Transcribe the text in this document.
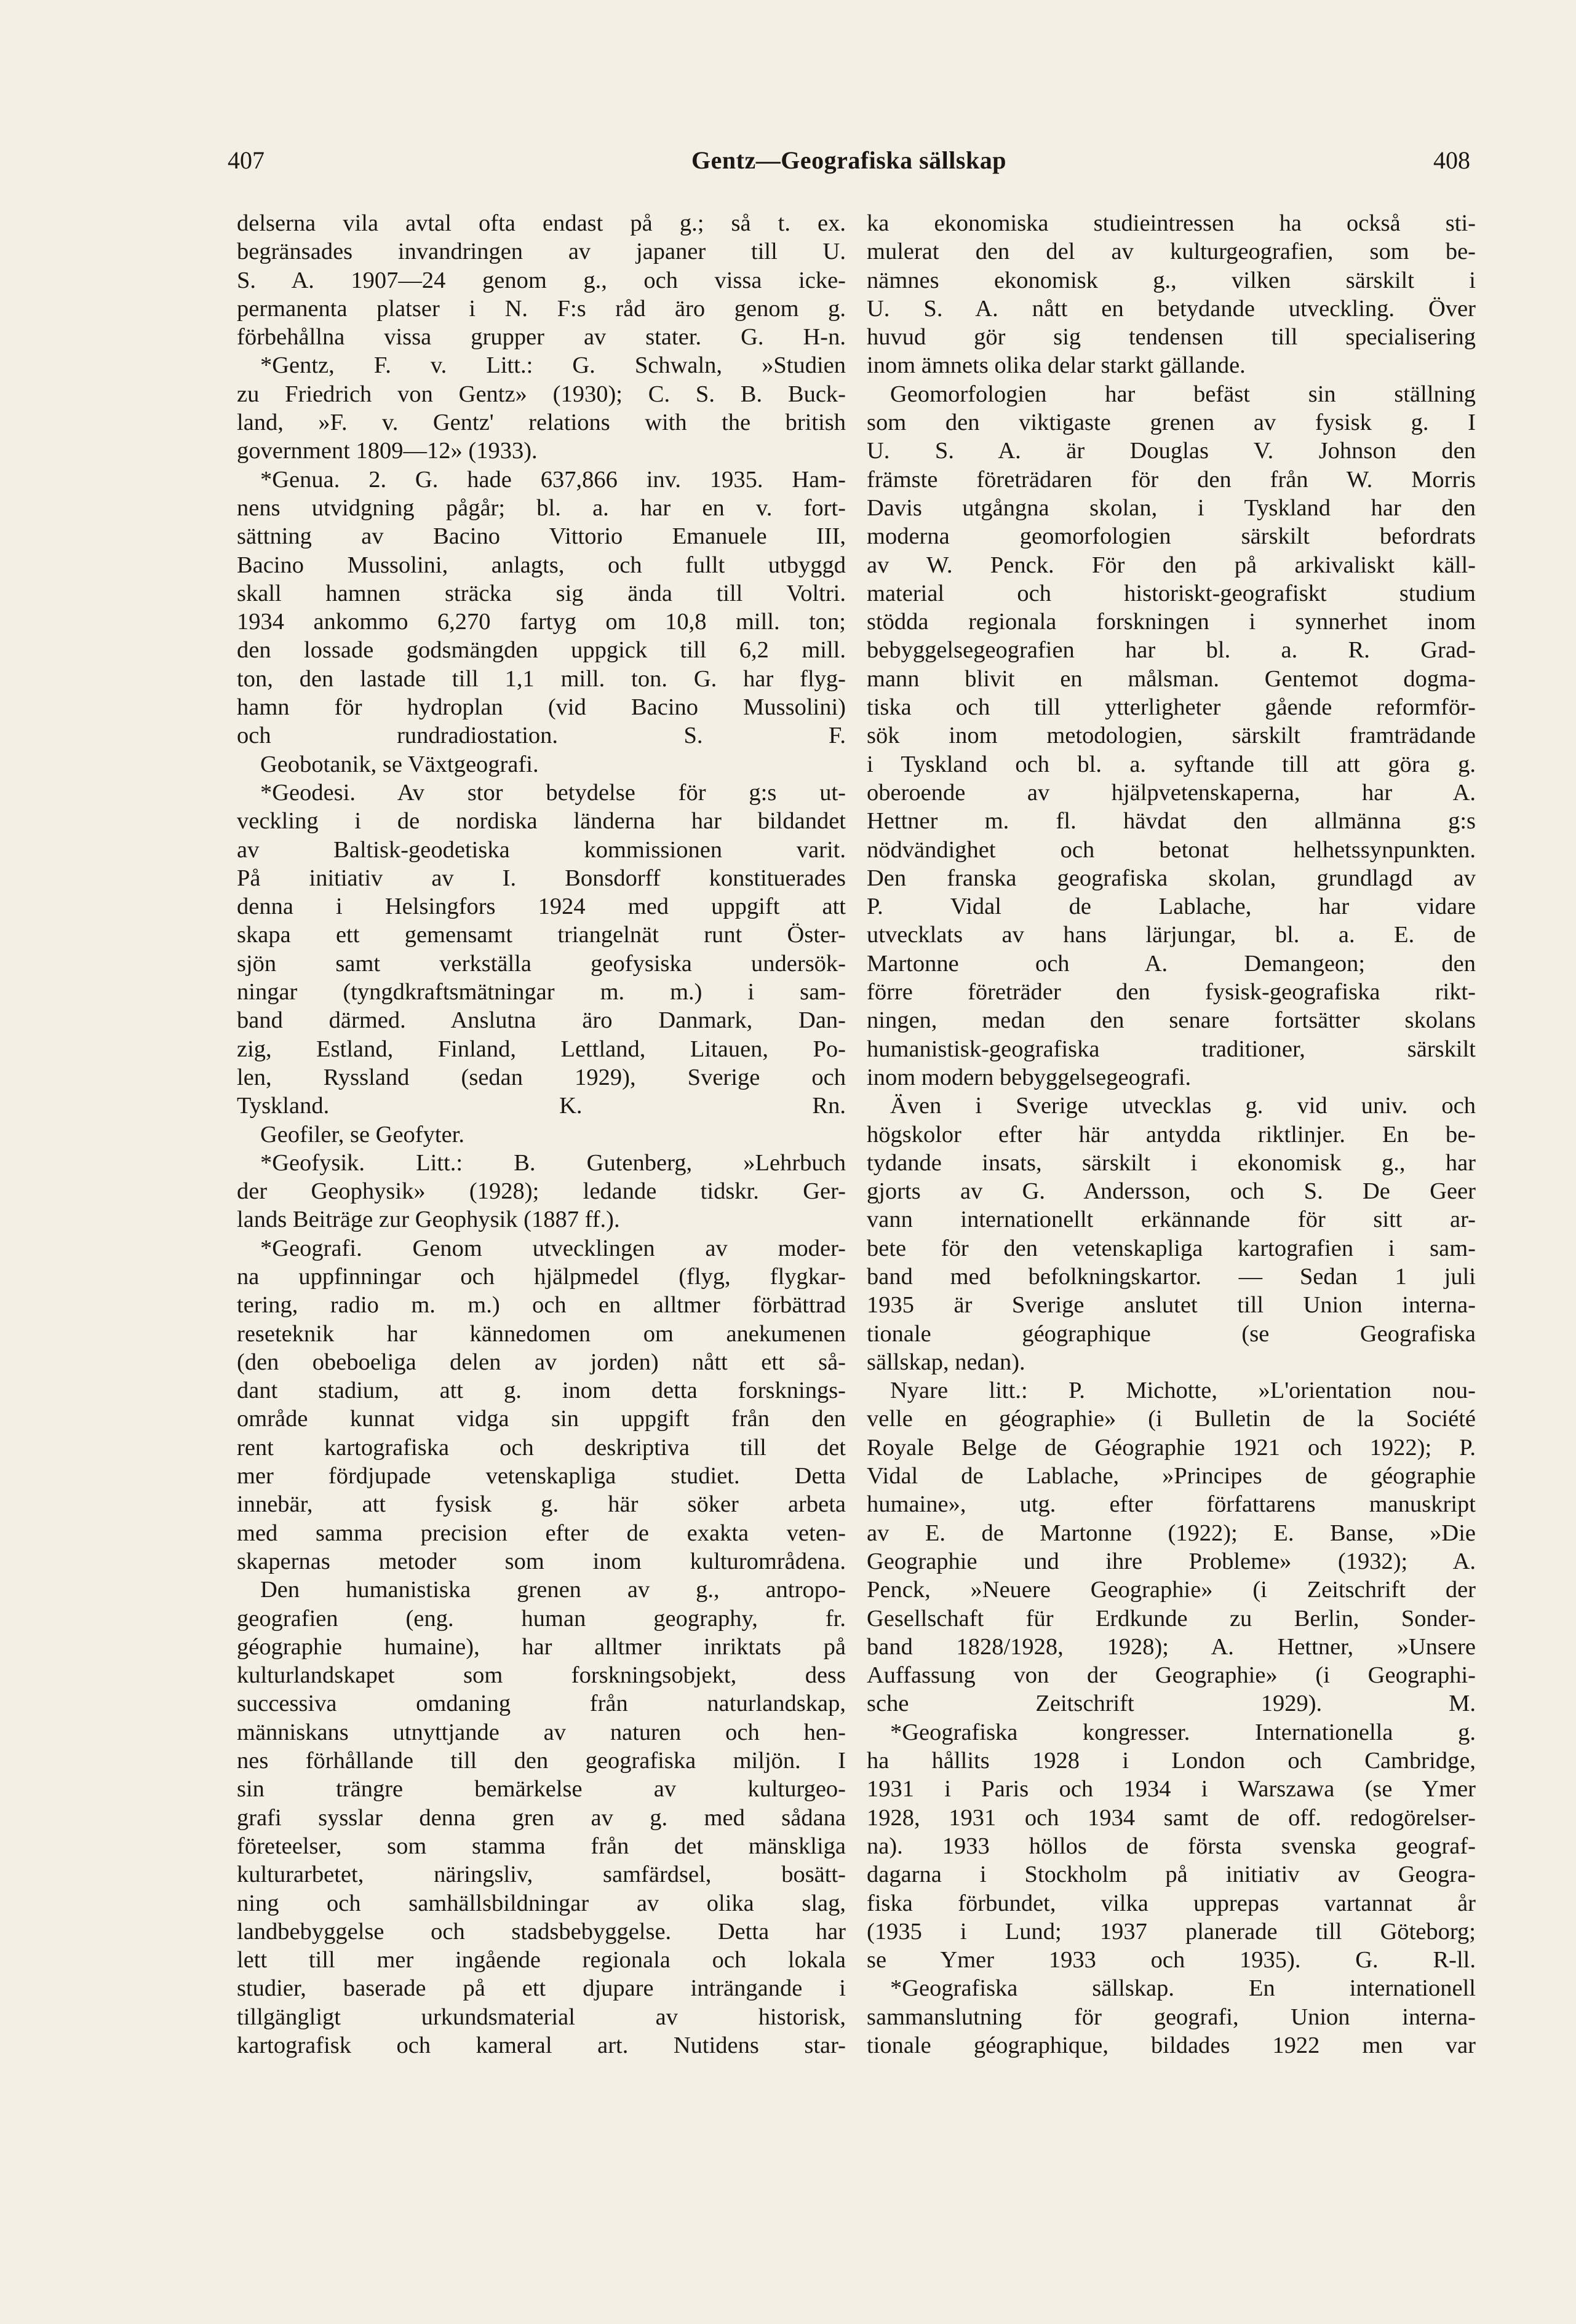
407	Gentz—Geografiska sällskap	408
delserna vila avtal ofta endast på g.; så t. ex.
begränsades invandringen av japaner till U.
S. A. 1907—24 genom g., och vissa icke-
permanenta platser i N. F:s råd äro genom g.
förbehållna vissa grupper av stater. G. H-n.
*Gentz, F. v. Litt.: G. Schwaln, »Studien
zu Friedrich von Gentz» (1930); C. S. B. Buck-
land, »F. v. Gentz' relations with the british
government 1809—12» (1933).
*Genua. 2. G. hade 637,866 inv. 1935. Ham-
nens utvidgning pågår; bl. a. har en v. fort-
sättning av Bacino Vittorio Emanuele III,
Bacino Mussolini, anlagts, och fullt utbyggd
skall hamnen sträcka sig ända till Voltri.
1934 ankommo 6,270 fartyg om 10,8 mill. ton;
den lossade godsmängden uppgick till 6,2 mill.
ton, den lastade till 1,1 mill. ton. G. har flyg-
hamn för hydroplan (vid Bacino Mussolini)
och rundradiostation. S. F.
Geobotanik, se Växtgeografi.
*Geodesi. Av stor betydelse för g:s ut-
veckling i de nordiska länderna har bildandet
av Baltisk-geodetiska kommissionen varit.
På initiativ av I. Bonsdorff konstituerades
denna i Helsingfors 1924 med uppgift att
skapa ett gemensamt triangelnät runt Öster-
sjön samt verkställa geofysiska undersök-
ningar (tyngdkraftsmätningar m. m.) i sam-
band därmed. Anslutna äro Danmark, Dan-
zig, Estland, Finland, Lettland, Litauen, Po-
len, Ryssland (sedan 1929), Sverige och
Tyskland. K. Rn.
Geofiler, se Geofyter.
*Geofysik. Litt.: B. Gutenberg, »Lehrbuch
der Geophysik» (1928); ledande tidskr. Ger-
lands Beiträge zur Geophysik (1887 ff.).
*Geografi. Genom utvecklingen av moder-
na uppfinningar och hjälpmedel (flyg, flygkar-
tering, radio m. m.) och en alltmer förbättrad
reseteknik har kännedomen om anekumenen
(den obeboeliga delen av jorden) nått ett så-
dant stadium, att g. inom detta forsknings-
område kunnat vidga sin uppgift från den
rent kartografiska och deskriptiva till det
mer fördjupade vetenskapliga studiet. Detta
innebär, att fysisk g. här söker arbeta
med samma precision efter de exakta veten-
skapernas metoder som inom kulturområdena.
Den humanistiska grenen av g., antropo-
geografien (eng. human geography, fr.
géographie humaine), har alltmer inriktats på
kulturlandskapet som forskningsobjekt, dess
successiva omdaning från naturlandskap,
människans utnyttjande av naturen och hen-
nes förhållande till den geografiska miljön. I
sin trängre bemärkelse av kulturgeo-
grafi sysslar denna gren av g. med sådana
företeelser, som stamma från det mänskliga
kulturarbetet, näringsliv, samfärdsel, bosätt-
ning och samhällsbildningar av olika slag,
landbebyggelse och stadsbebyggelse. Detta har
lett till mer ingående regionala och lokala
studier, baserade på ett djupare inträngande i
tillgängligt urkundsmaterial av historisk,
kartografisk och kameral art. Nutidens star-
ka ekonomiska studieintressen ha också sti-
mulerat den del av kulturgeografien, som be-
nämnes ekonomisk g., vilken särskilt i
U. S. A. nått en betydande utveckling. Över
huvud gör sig tendensen till specialisering
inom ämnets olika delar starkt gällande.
Geomorfologien har befäst sin ställning
som den viktigaste grenen av fysisk g. I
U. S. A. är Douglas V. Johnson den
främste företrädaren för den från W. Morris
Davis utgångna skolan, i Tyskland har den
moderna geomorfologien särskilt befordrats
av W. Penck. För den på arkivaliskt käll-
material och historiskt-geografiskt studium
stödda regionala forskningen i synnerhet inom
bebyggelsegeografien har bl. a. R. Grad-
mann blivit en målsman. Gentemot dogma-
tiska och till ytterligheter gående reformför-
sök inom metodologien, särskilt framträdande
i Tyskland och bl. a. syftande till att göra g.
oberoende av hjälpvetenskaperna, har A.
Hettner m. fl. hävdat den allmänna g:s
nödvändighet och betonat helhetssynpunkten.
Den franska geografiska skolan, grundlagd av
P. Vidal de Lablache, har vidare
utvecklats av hans lärjungar, bl. a. E. de
Martonne och A. Demangeon; den
förre företräder den fysisk-geografiska rikt-
ningen, medan den senare fortsätter skolans
humanistisk-geografiska traditioner, särskilt
inom modern bebyggelsegeografi.
Även i Sverige utvecklas g. vid univ. och
högskolor efter här antydda riktlinjer. En be-
tydande insats, särskilt i ekonomisk g., har
gjorts av G. Andersson, och S. De Geer
vann internationellt erkännande för sitt ar-
bete för den vetenskapliga kartografien i sam-
band med befolkningskartor. — Sedan 1 juli
1935 är Sverige anslutet till Union interna-
tionale géographique (se Geografiska
sällskap, nedan).
Nyare litt.: P. Michotte, »L'orientation nou-
velle en géographie» (i Bulletin de la Société
Royale Belge de Géographie 1921 och 1922); P.
Vidal de Lablache, »Principes de géographie
humaine», utg. efter författarens manuskript
av E. de Martonne (1922); E. Banse, »Die
Geographie und ihre Probleme» (1932); A.
Penck, »Neuere Geographie» (i Zeitschrift der
Gesellschaft für Erdkunde zu Berlin, Sonder-
band 1828/1928, 1928); A. Hettner, »Unsere
Auffassung von der Geographie» (i Geographi-
sche Zeitschrift 1929). M.
*Geografiska kongresser. Internationella g.
ha hållits 1928 i London och Cambridge,
1931 i Paris och 1934 i Warszawa (se Ymer
1928, 1931 och 1934 samt de off. redogörelser-
na). 1933 höllos de första svenska geograf-
dagarna i Stockholm på initiativ av Geogra-
fiska förbundet, vilka upprepas vartannat år
(1935 i Lund; 1937 planerade till Göteborg;
se Ymer 1933 och 1935). G. R-ll.
*Geografiska sällskap. En internationell
sammanslutning för geografi, Union interna-
tionale géographique, bildades 1922 men var
